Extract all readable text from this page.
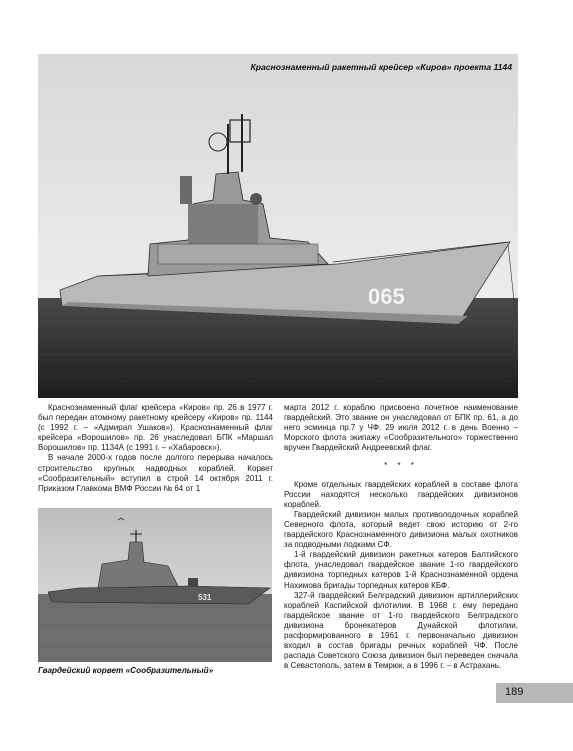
065
Краснознаменный ракетный крейсер «Киров» проекта 1144

Краснознаменный флаг крейсера «Киров» пр. 26 в 1977 г. был передан атомному ракетному крейсеру «Киров» пр. 1144 (с 1992 г. – «Адмирал Ушаков»). Краснознаменный флаг крейсера «Ворошилов» пр. 26 унаследовал БПК «Маршал Ворошилов» пр. 1134А (с 1991 г. – «Хабаровск»).

В начале 2000-х годов после долгого перерыва началось строительство крупных надводных кораблей. Корвет «Сообразительный» вступил в строй 14 октября 2011 г. Приказом Главкома ВМФ России № 64 от 1

531
Гвардейский корвет «Сообразительный»

марта 2012 г. кораблю присвоено почетное наименование гвардейский. Это звание он унаследовал от БПК пр. 61, а до него эсминца пр.7 у ЧФ. 29 июля 2012 г. в день Военно – Морского флота экипажу «Сообразительного» торжественно вручен Гвардейский Андреевский флаг.

* * *

Кроме отдельных гвардейских кораблей в составе флота России находятся несколько гвардейских дивизионов кораблей.

Гвардейский дивизион малых противолодочных кораблей Северного флота, который ведет свою историю от 2-го гвардейского Краснознаменного дивизиона малых охотников за подводными лодками СФ.

1-й гвардейский дивизион ракетных катеров Балтийского флота, унаследовал гвардейское звание 1-го гвардейского дивизиона торпедных катеров 1-й Краснознаменной ордена Нахимова бригады торпедных катеров КБФ.

327-й гвардейский Белградский дивизион артиллерийских кораблей Каспийской флотилии. В 1968 г. ему передано гвардейское звание от 1-го гвардейского Белградского дивизиона бронекатеров Дунайской флотилии, расформированного в 1961 г. первоначально дивизион входил в состав бригады речных кораблей ЧФ. После распада Советского Союза дивизион был переведен сначала в Севастополь, затем в Темрюк, а в 1996 г. – в Астрахань.

189
